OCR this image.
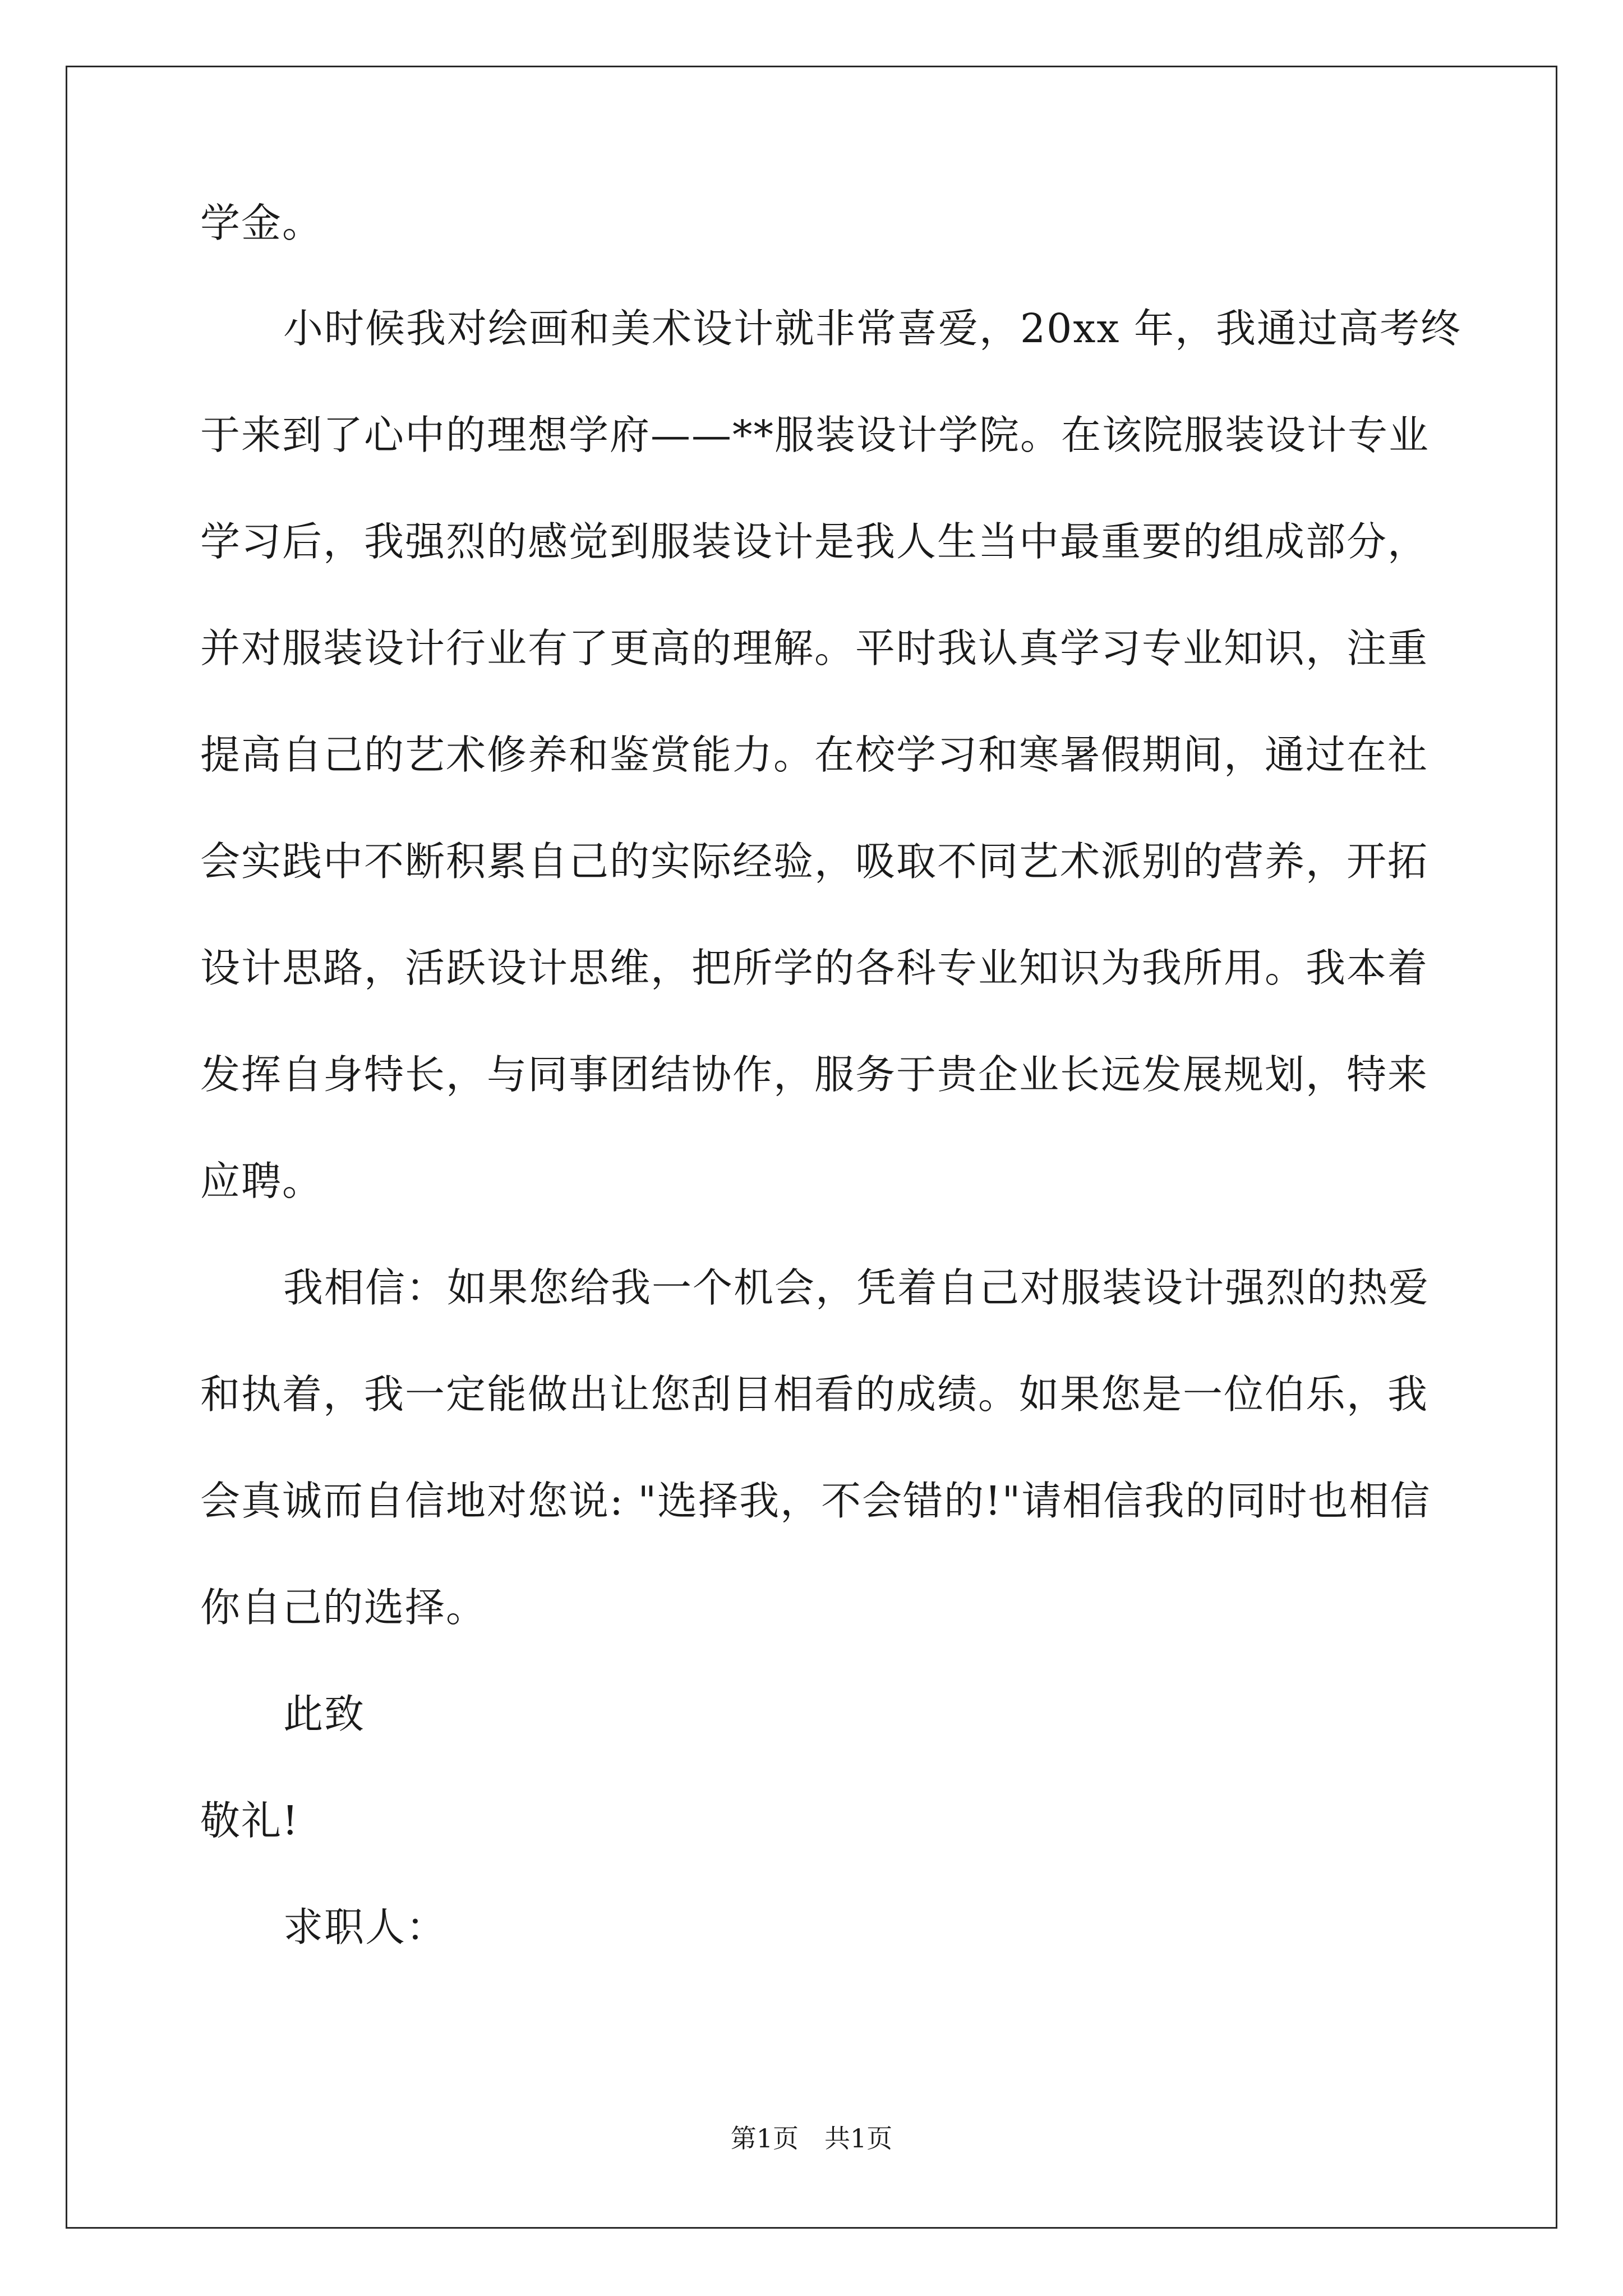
学金。
小时候我对绘画和美术设计就非常喜爱，20xx 年，我通过高考终
于来到了心中的理想学府——**服装设计学院。在该院服装设计专业
学习后，我强烈的感觉到服装设计是我人生当中最重要的组成部分，
并对服装设计行业有了更高的理解。平时我认真学习专业知识，注重
提高自己的艺术修养和鉴赏能力。在校学习和寒暑假期间，通过在社
会实践中不断积累自己的实际经验，吸取不同艺术派别的营养，开拓
设计思路，活跃设计思维，把所学的各科专业知识为我所用。我本着
发挥自身特长，与同事团结协作，服务于贵企业长远发展规划，特来
应聘。
我相信：如果您给我一个机会，凭着自己对服装设计强烈的热爱
和执着，我一定能做出让您刮目相看的成绩。如果您是一位伯乐，我
会真诚而自信地对您说: "选择我，不会错的!"请相信我的同时也相信
你自己的选择。
此致
敬礼!
求职人：
第1页　共1页
